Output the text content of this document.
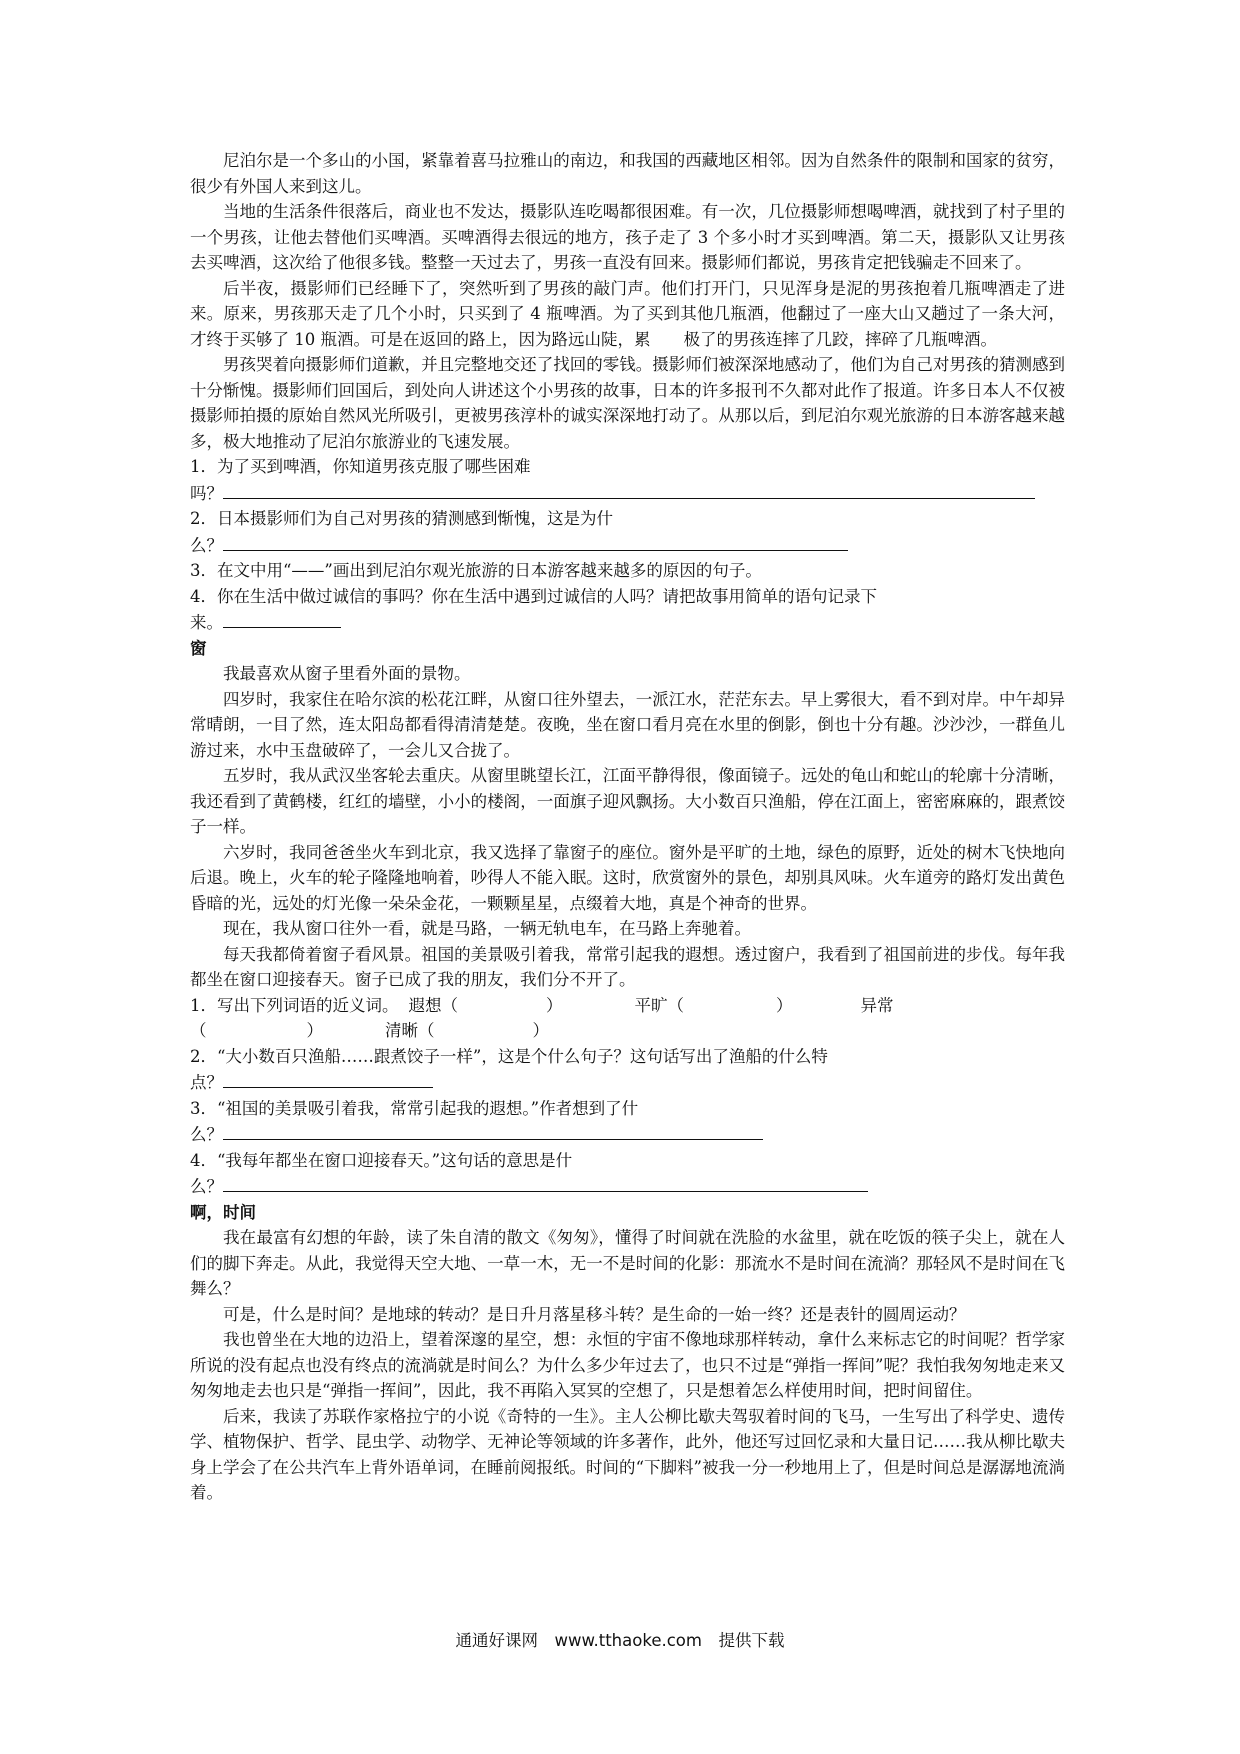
尼泊尔是一个多山的小国，紧靠着喜马拉雅山的南边，和我国的西藏地区相邻。因为自然条件的限制和国家的贫穷，很少有外国人来到这儿。

当地的生活条件很落后，商业也不发达，摄影队连吃喝都很困难。有一次，几位摄影师想喝啤酒，就找到了村子里的一个男孩，让他去替他们买啤酒。买啤酒得去很远的地方，孩子走了 3 个多小时才买到啤酒。第二天，摄影队又让男孩去买啤酒，这次给了他很多钱。整整一天过去了，男孩一直没有回来。摄影师们都说，男孩肯定把钱骗走不回来了。

后半夜，摄影师们已经睡下了，突然听到了男孩的敲门声。他们打开门，只见浑身是泥的男孩抱着几瓶啤酒走了进来。原来，男孩那天走了几个小时，只买到了 4 瓶啤酒。为了买到其他几瓶酒，他翻过了一座大山又趟过了一条大河，才终于买够了 10 瓶酒。可是在返回的路上，因为路远山陡，累　　极了的男孩连摔了几跤，摔碎了几瓶啤酒。

男孩哭着向摄影师们道歉，并且完整地交还了找回的零钱。摄影师们被深深地感动了，他们为自己对男孩的猜测感到十分惭愧。摄影师们回国后，到处向人讲述这个小男孩的故事，日本的许多报刊不久都对此作了报道。许多日本人不仅被摄影师拍摄的原始自然风光所吸引，更被男孩淳朴的诚实深深地打动了。从那以后，到尼泊尔观光旅游的日本游客越来越多，极大地推动了尼泊尔旅游业的飞速发展。

1．为了买到啤酒，你知道男孩克服了哪些困难

吗？

2．日本摄影师们为自己对男孩的猜测感到惭愧，这是为什

么？

3．在文中用“——”画出到尼泊尔观光旅游的日本游客越来越多的原因的句子。

4．你在生活中做过诚信的事吗？你在生活中遇到过诚信的人吗？请把故事用简单的语句记录下

来。

窗

我最喜欢从窗子里看外面的景物。

四岁时，我家住在哈尔滨的松花江畔，从窗口往外望去，一派江水，茫茫东去。早上雾很大，看不到对岸。中午却异常晴朗，一目了然，连太阳岛都看得清清楚楚。夜晚，坐在窗口看月亮在水里的倒影，倒也十分有趣。沙沙沙，一群鱼儿游过来，水中玉盘破碎了，一会儿又合拢了。

五岁时，我从武汉坐客轮去重庆。从窗里眺望长江，江面平静得很，像面镜子。远处的龟山和蛇山的轮廓十分清晰，我还看到了黄鹤楼，红红的墙壁，小小的楼阁，一面旗子迎风飘扬。大小数百只渔船，停在江面上，密密麻麻的，跟煮饺子一样。

六岁时，我同爸爸坐火车到北京，我又选择了靠窗子的座位。窗外是平旷的土地，绿色的原野，近处的树木飞快地向后退。晚上，火车的轮子隆隆地响着，吵得人不能入眠。这时，欣赏窗外的景色，却别具风味。火车道旁的路灯发出黄色昏暗的光，远处的灯光像一朵朵金花，一颗颗星星，点缀着大地，真是个神奇的世界。

现在，我从窗口往外一看，就是马路，一辆无轨电车，在马路上奔驰着。

每天我都倚着窗子看风景。祖国的美景吸引着我，常常引起我的遐想。透过窗户，我看到了祖国前进的步伐。每年我都坐在窗口迎接春天。窗子已成了我的朋友，我们分不开了。

1．写出下列词语的近义词。 遐想（	）	平旷（	）	异常

（	）	清晰（	）

2．“大小数百只渔船……跟煮饺子一样”，这是个什么句子？这句话写出了渔船的什么特

点？

3．“祖国的美景吸引着我，常常引起我的遐想。”作者想到了什

么？

4．“我每年都坐在窗口迎接春天。”这句话的意思是什

么？

啊，时间

我在最富有幻想的年龄，读了朱自清的散文《匆匆》，懂得了时间就在洗脸的水盆里，就在吃饭的筷子尖上，就在人们的脚下奔走。从此，我觉得天空大地、一草一木，无一不是时间的化影：那流水不是时间在流淌？那轻风不是时间在飞舞么？

可是，什么是时间？是地球的转动？是日升月落星移斗转？是生命的一始一终？还是表针的圆周运动？

我也曾坐在大地的边沿上，望着深邃的星空，想：永恒的宇宙不像地球那样转动，拿什么来标志它的时间呢？哲学家所说的没有起点也没有终点的流淌就是时间么？为什么多少年过去了，也只不过是“弹指一挥间”呢？我怕我匆匆地走来又匆匆地走去也只是“弹指一挥间”，因此，我不再陷入冥冥的空想了，只是想着怎么样使用时间，把时间留住。

后来，我读了苏联作家格拉宁的小说《奇特的一生》。主人公柳比歇夫驾驭着时间的飞马，一生写出了科学史、遗传学、植物保护、哲学、昆虫学、动物学、无神论等领域的许多著作，此外，他还写过回忆录和大量日记……我从柳比歇夫身上学会了在公共汽车上背外语单词，在睡前阅报纸。时间的“下脚料”被我一分一秒地用上了，但是时间总是潺潺地流淌着。

通通好课网　www.tthaoke.com　提供下载
